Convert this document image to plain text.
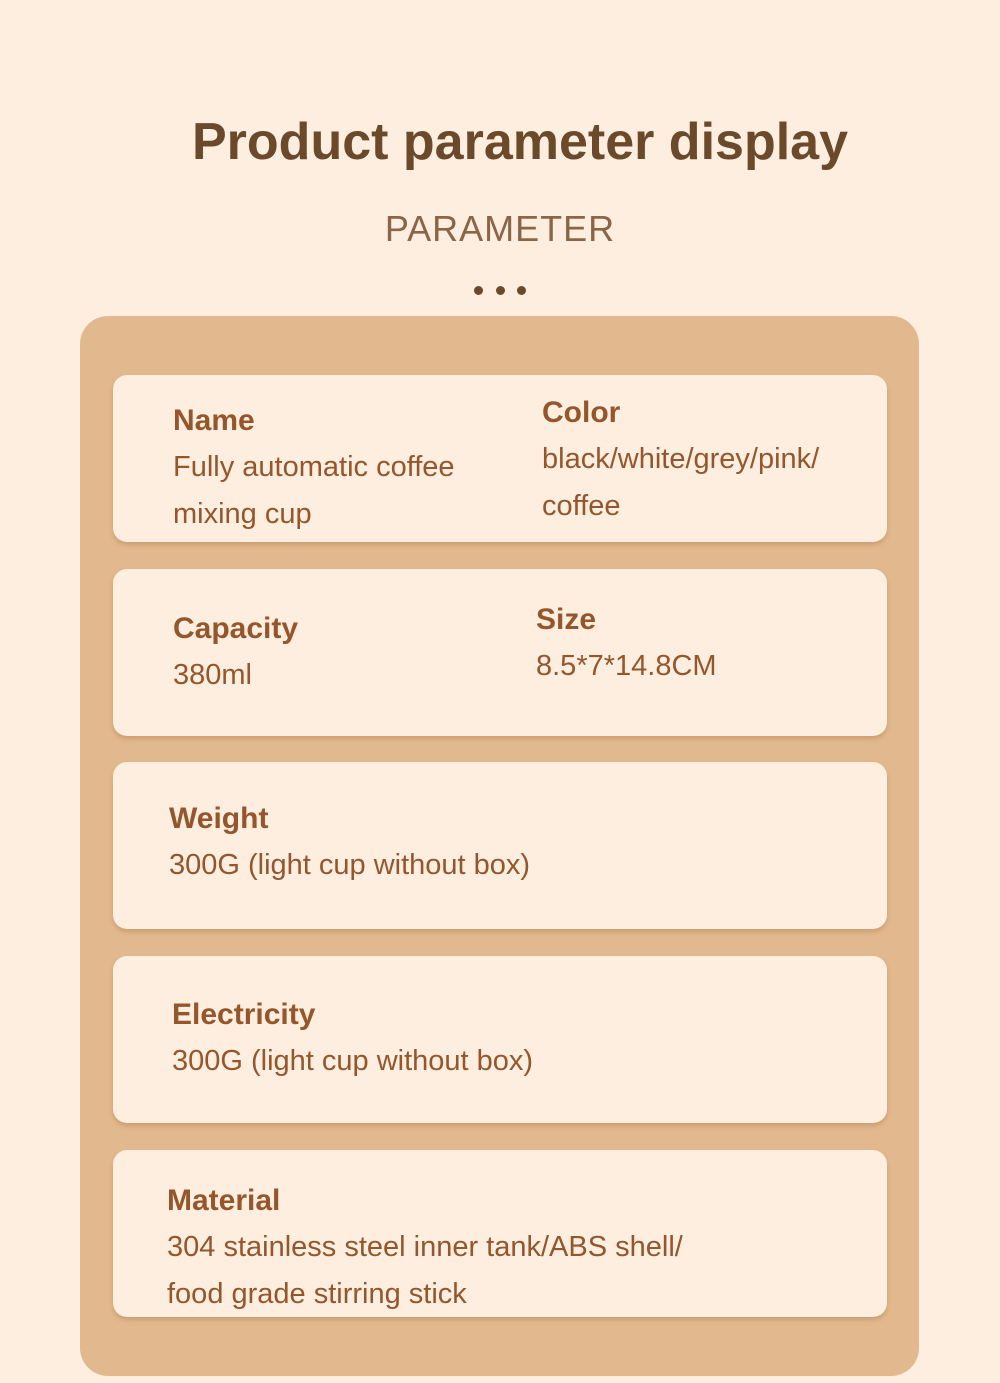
Product parameter display
PARAMETER
Name
Fully automatic coffee
mixing cup
Color
black/white/grey/pink/
coffee
Capacity
380ml
Size
8.5*7*14.8CM
Weight
300G (light cup without box)
Electricity
300G (light cup without box)
Material
304 stainless steel inner tank/ABS shell/
food grade stirring stick
